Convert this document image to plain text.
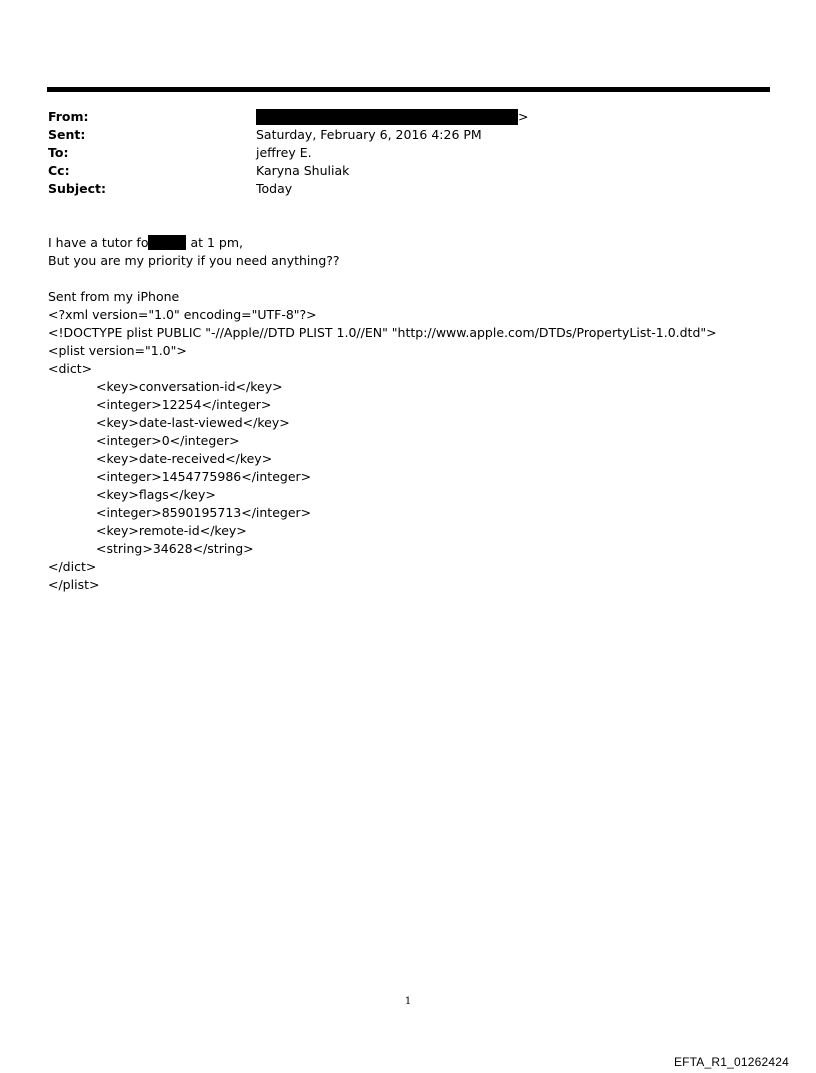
From:	>
Sent:	Saturday, February 6, 2016 4:26 PM
To:	jeffrey E.
Cc:	Karyna Shuliak
Subject:	Today
I have a tutor fo	at 1 pm,
But you are my priority if you need anything??
Sent from my iPhone
<?xml version="1.0" encoding="UTF-8"?>
<!DOCTYPE plist PUBLIC "-//Apple//DTD PLIST 1.0//EN" "http://www.apple.com/DTDs/PropertyList-1.0.dtd">
<plist version="1.0">
<dict>
<key>conversation-id</key>
<integer>12254</integer>
<key>date-last-viewed</key>
<integer>0</integer>
<key>date-received</key>
<integer>1454775986</integer>
<key>flags</key>
<integer>8590195713</integer>
<key>remote-id</key>
<string>34628</string>
</dict>
</plist>
1
EFTA_R1_01262424
